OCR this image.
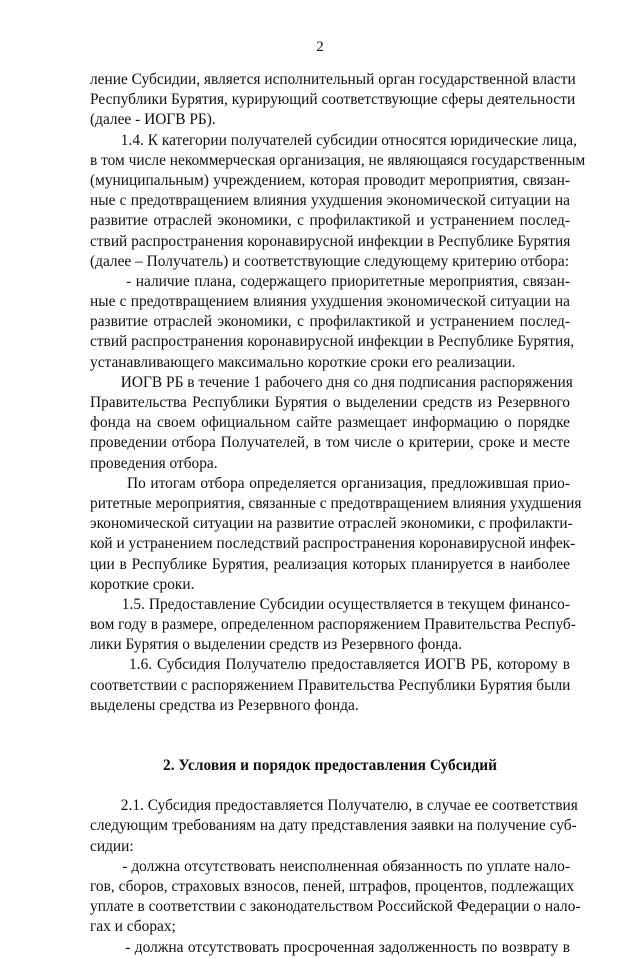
2
ление Субсидии, является исполнительный орган государственной власти
Республики Бурятия, курирующий соответствующие сферы деятельности
(далее - ИОГВ РБ).
1.4. К категории получателей субсидии относятся юридические лица,
в том числе некоммерческая организация, не являющаяся государственным
(муниципальным) учреждением, которая проводит мероприятия, связан-
ные с предотвращением влияния ухудшения экономической ситуации на
развитие отраслей экономики, с профилактикой и устранением послед-
ствий распространения коронавирусной инфекции в Республике Бурятия
(далее – Получатель) и соответствующие следующему критерию отбора:
- наличие плана, содержащего приоритетные мероприятия, связан-
ные с предотвращением влияния ухудшения экономической ситуации на
развитие отраслей экономики, с профилактикой и устранением послед-
ствий распространения коронавирусной инфекции в Республике Бурятия,
устанавливающего максимально короткие сроки его реализации.
ИОГВ РБ в течение 1 рабочего дня со дня подписания распоряжения
Правительства Республики Бурятия о выделении средств из Резервного
фонда на своем официальном сайте размещает информацию о порядке
проведении отбора Получателей, в том числе о критерии, сроке и месте
проведения отбора.
По итогам отбора определяется организация, предложившая прио-
ритетные мероприятия, связанные с предотвращением влияния ухудшения
экономической ситуации на развитие отраслей экономики, с профилакти-
кой и устранением последствий распространения коронавирусной инфек-
ции в Республике Бурятия, реализация которых планируется в наиболее
короткие сроки.
1.5. Предоставление Субсидии осуществляется в текущем финансо-
вом году в размере, определенном распоряжением Правительства Респуб-
лики Бурятия о выделении средств из Резервного фонда.
1.6. Субсидия Получателю предоставляется ИОГВ РБ, которому в
соответствии с распоряжением Правительства Республики Бурятия были
выделены средства из Резервного фонда.
2. Условия и порядок предоставления Субсидий
2.1. Субсидия предоставляется Получателю, в случае ее соответствия
следующим требованиям на дату представления заявки на получение суб-
сидии:
- должна отсутствовать неисполненная обязанность по уплате нало-
гов, сборов, страховых взносов, пеней, штрафов, процентов, подлежащих
уплате в соответствии с законодательством Российской Федерации о нало-
гах и сборах;
- должна отсутствовать просроченная задолженность по возврату в
